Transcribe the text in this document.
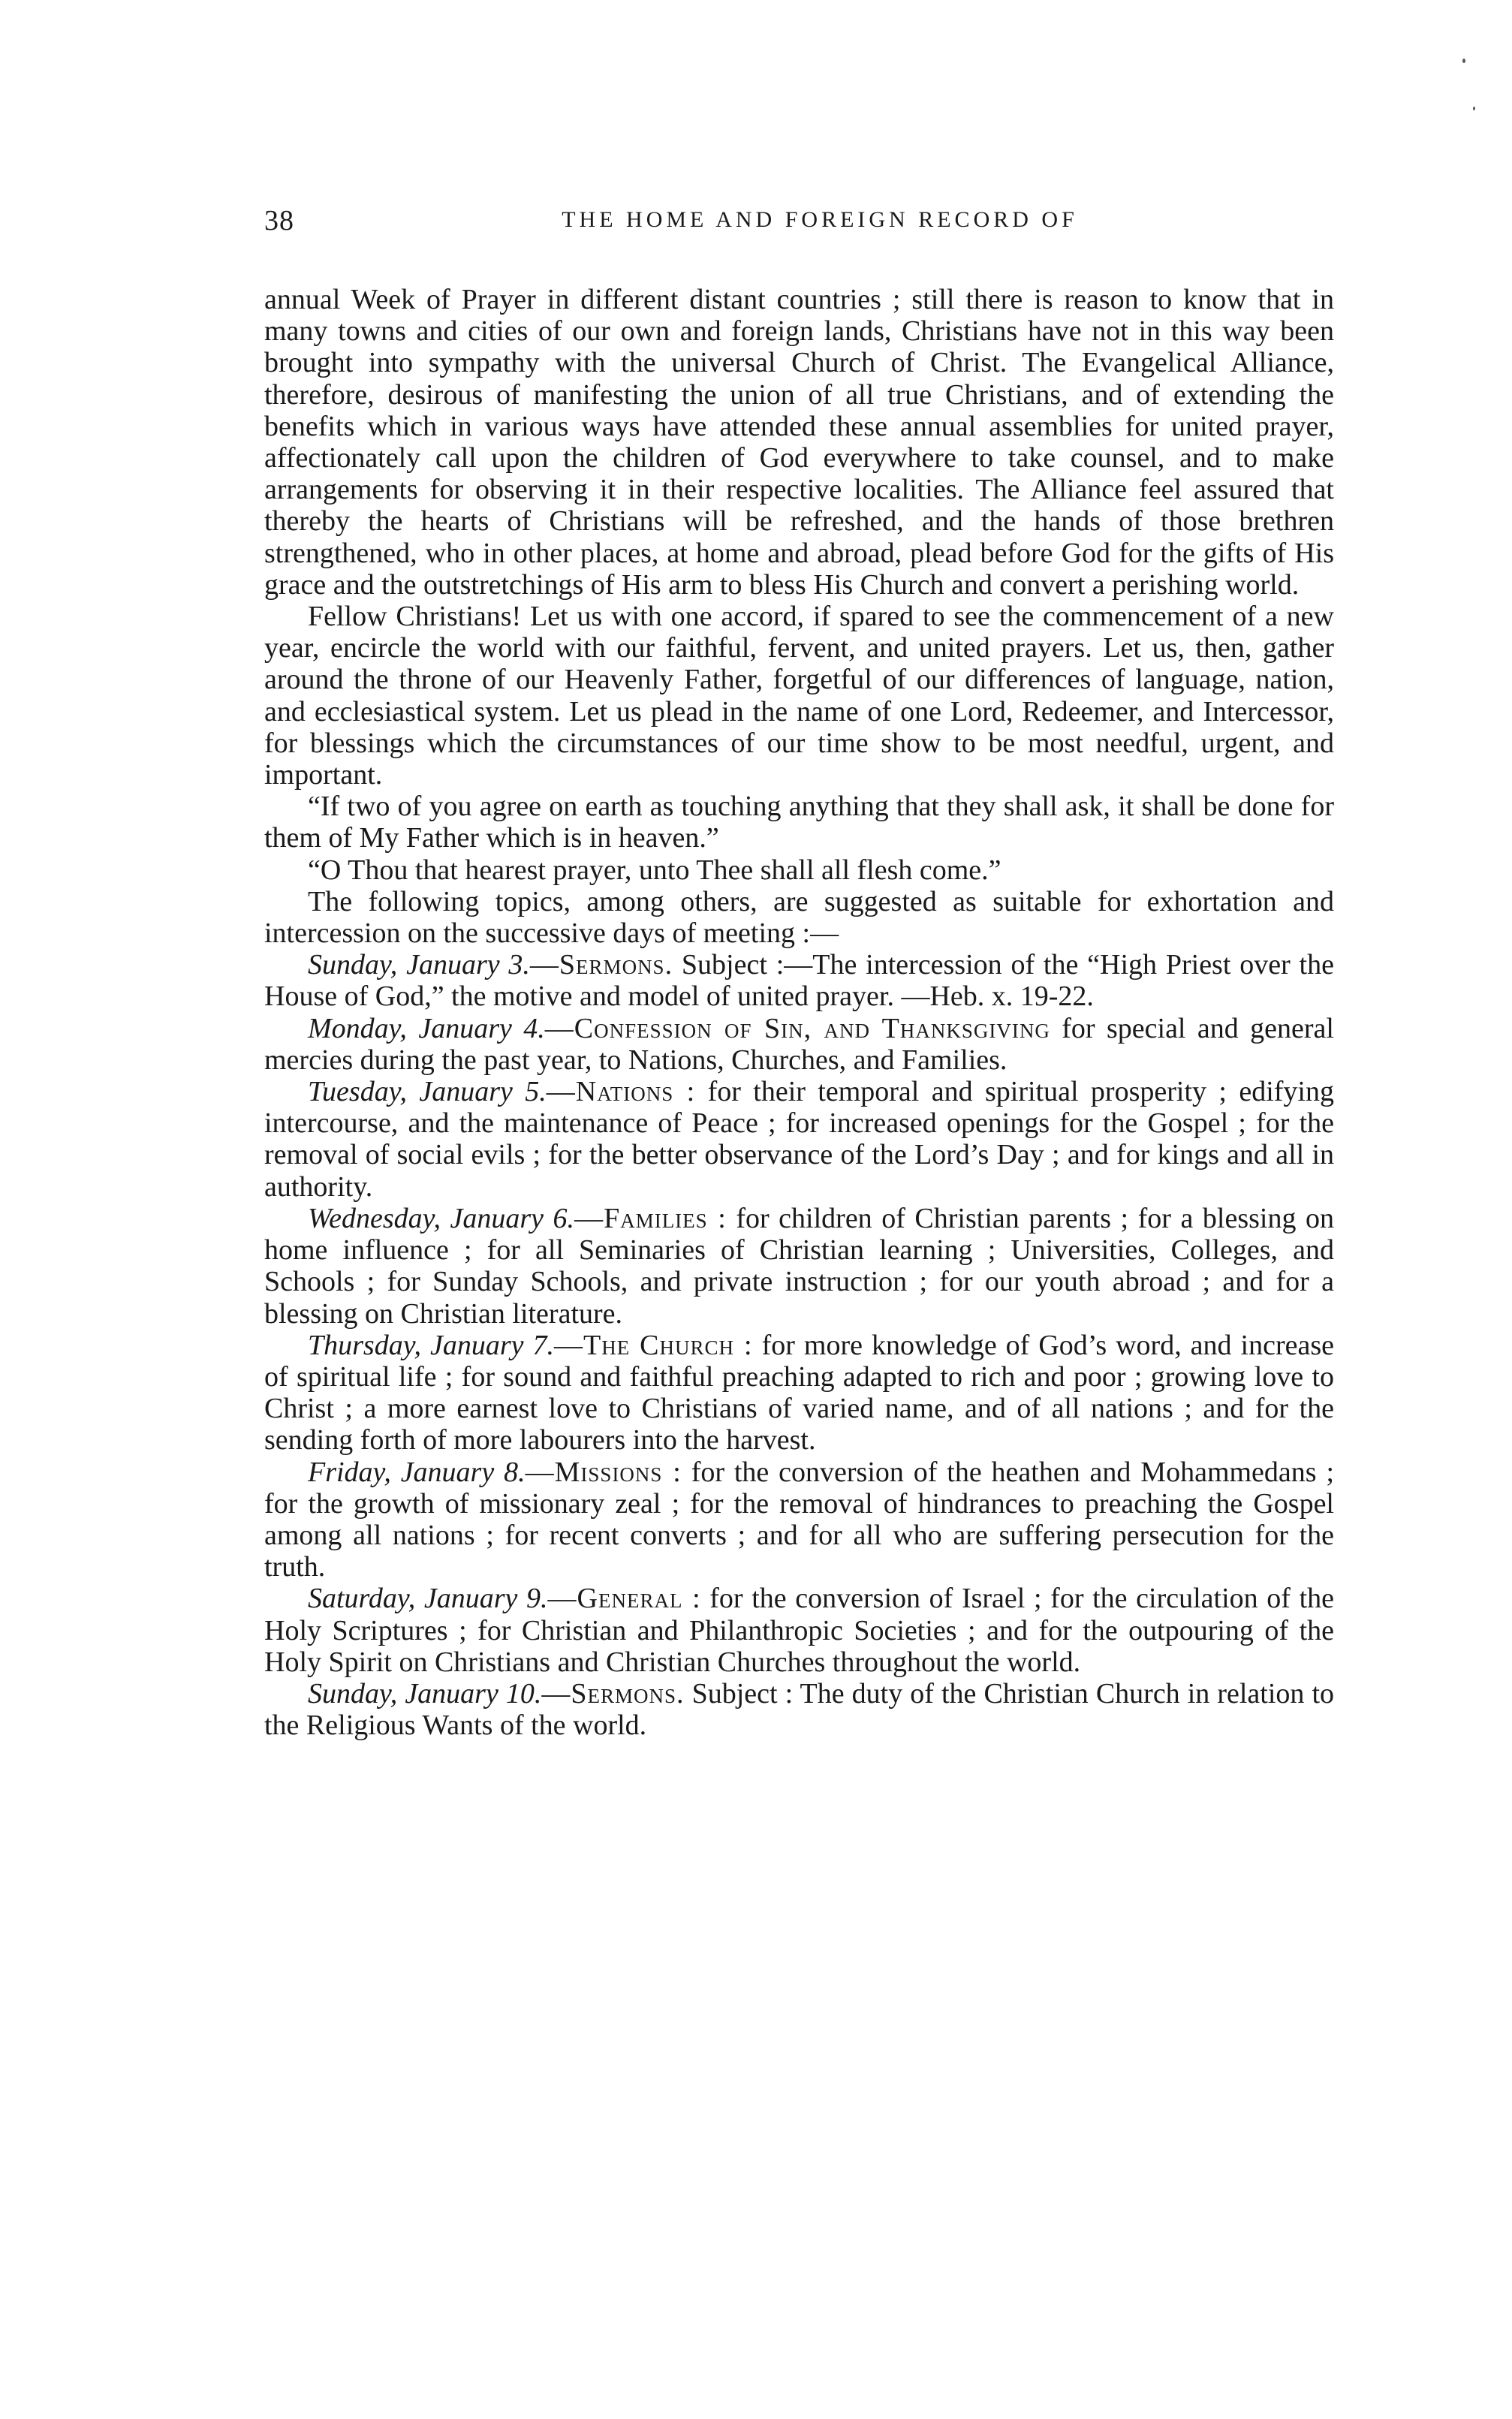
38	THE HOME AND FOREIGN RECORD OF

annual Week of Prayer in different distant countries ; still there is reason to know that in many towns and cities of our own and foreign lands, Christians have not in this way been brought into sympathy with the universal Church of Christ. The Evangelical Alliance, therefore, desirous of manifesting the union of all true Christians, and of extending the benefits which in various ways have attended these annual assemblies for united prayer, affectionately call upon the children of God everywhere to take counsel, and to make arrangements for observing it in their respective localities. The Alliance feel assured that thereby the hearts of Christians will be refreshed, and the hands of those brethren strengthened, who in other places, at home and abroad, plead before God for the gifts of His grace and the outstretchings of His arm to bless His Church and convert a perishing world.

Fellow Christians! Let us with one accord, if spared to see the commencement of a new year, encircle the world with our faithful, fervent, and united prayers. Let us, then, gather around the throne of our Heavenly Father, forgetful of our differences of language, nation, and ecclesiastical system. Let us plead in the name of one Lord, Redeemer, and Intercessor, for blessings which the circumstances of our time show to be most needful, urgent, and important.

“If two of you agree on earth as touching anything that they shall ask, it shall be done for them of My Father which is in heaven.”

“O Thou that hearest prayer, unto Thee shall all flesh come.”

The following topics, among others, are suggested as suitable for exhortation and intercession on the successive days of meeting :—

Sunday, January 3.—Sermons. Subject :—The intercession of the “High Priest over the House of God,” the motive and model of united prayer. —Heb. x. 19-22.

Monday, January 4.—Confession of Sin, and Thanksgiving for special and general mercies during the past year, to Nations, Churches, and Families.

Tuesday, January 5.—Nations : for their temporal and spiritual prosperity ; edifying intercourse, and the maintenance of Peace ; for increased openings for the Gospel ; for the removal of social evils ; for the better observance of the Lord’s Day ; and for kings and all in authority.

Wednesday, January 6.—Families : for children of Christian parents ; for a blessing on home influence ; for all Seminaries of Christian learning ; Universities, Colleges, and Schools ; for Sunday Schools, and private instruction ; for our youth abroad ; and for a blessing on Christian literature.

Thursday, January 7.—The Church : for more knowledge of God’s word, and increase of spiritual life ; for sound and faithful preaching adapted to rich and poor ; growing love to Christ ; a more earnest love to Christians of varied name, and of all nations ; and for the sending forth of more labourers into the harvest.

Friday, January 8.—Missions : for the conversion of the heathen and Mohammedans ; for the growth of missionary zeal ; for the removal of hindrances to preaching the Gospel among all nations ; for recent converts ; and for all who are suffering persecution for the truth.

Saturday, January 9.—General : for the conversion of Israel ; for the circulation of the Holy Scriptures ; for Christian and Philanthropic Societies ; and for the outpouring of the Holy Spirit on Christians and Christian Churches throughout the world.

Sunday, January 10.—Sermons. Subject : The duty of the Christian Church in relation to the Religious Wants of the world.
